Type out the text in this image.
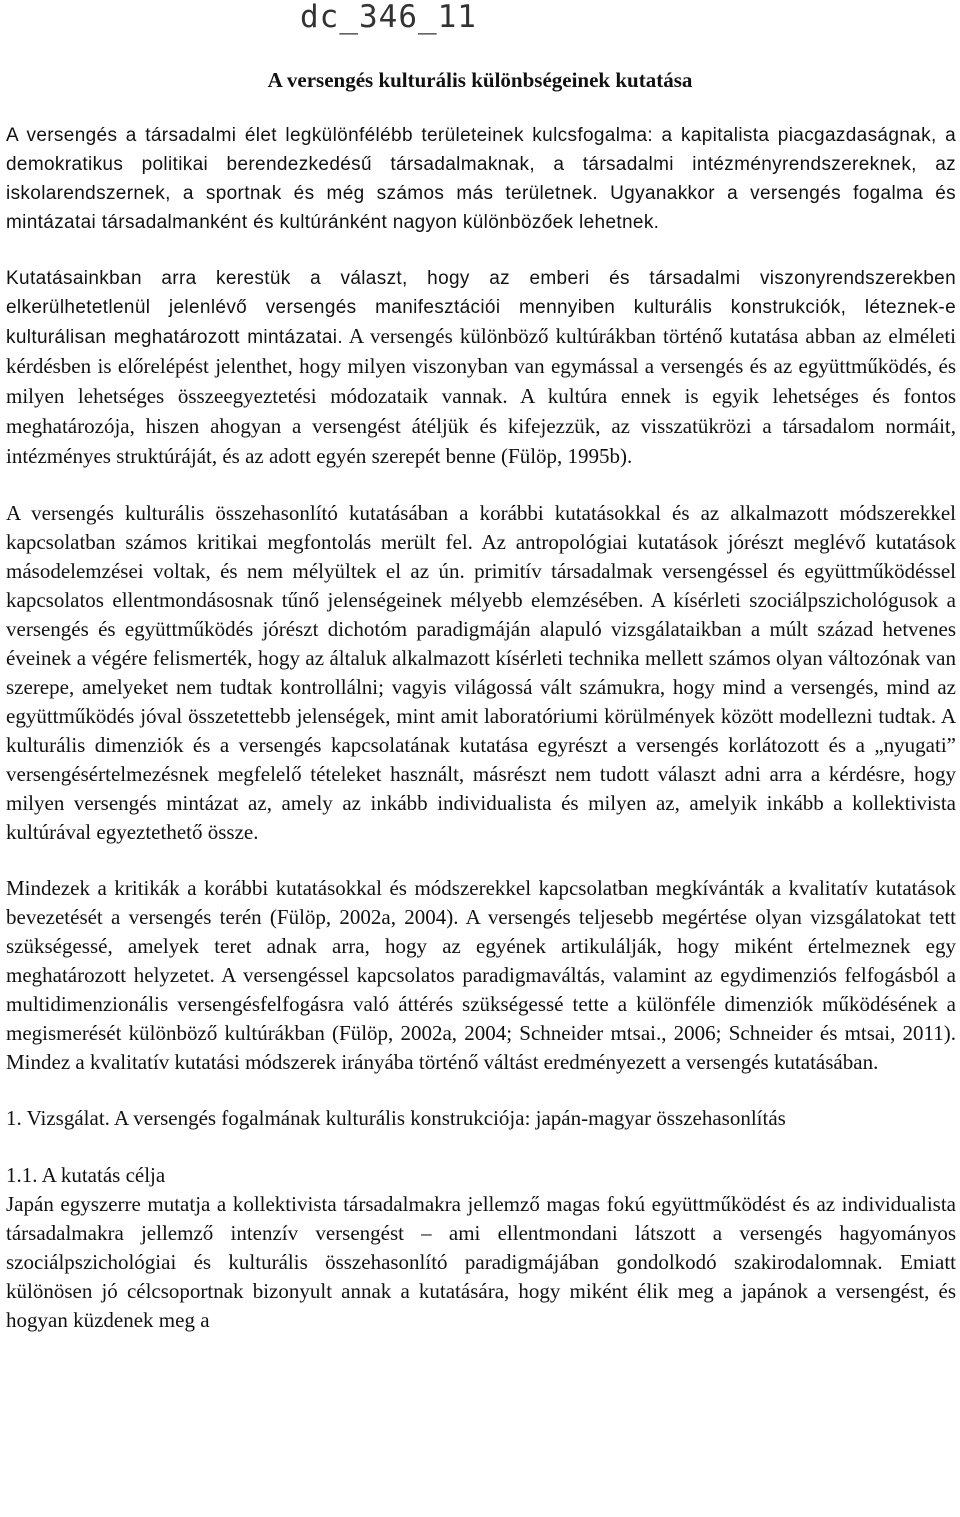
dc_346_11
A versengés kulturális különbségeinek kutatása

A versengés a társadalmi élet legkülönfélébb területeinek kulcsfogalma: a kapitalista piacgazdaságnak, a demokratikus politikai berendezkedésű társadalmaknak, a társadalmi intézményrendszereknek, az iskolarendszernek, a sportnak és még számos más területnek. Ugyanakkor a versengés fogalma és mintázatai társadalmanként és kultúránként nagyon különbözőek lehetnek.

Kutatásainkban arra kerestük a választ, hogy az emberi és társadalmi viszonyrendszerekben elkerülhetetlenül jelenlévő versengés manifesztációi mennyiben kulturális konstrukciók, léteznek-e kulturálisan meghatározott mintázatai. A versengés különböző kultúrákban történő kutatása abban az elméleti kérdésben is előrelépést jelenthet, hogy milyen viszonyban van egymással a versengés és az együttműködés, és milyen lehetséges összeegyeztetési módozataik vannak. A kultúra ennek is egyik lehetséges és fontos meghatározója, hiszen ahogyan a versengést átéljük és kifejezzük, az visszatükrözi a társadalom normáit, intézményes struktúráját, és az adott egyén szerepét benne (Fülöp, 1995b).

A versengés kulturális összehasonlító kutatásában a korábbi kutatásokkal és az alkalmazott módszerekkel kapcsolatban számos kritikai megfontolás merült fel. Az antropológiai kutatások jórészt meglévő kutatások másodelemzései voltak, és nem mélyültek el az ún. primitív társadalmak versengéssel és együttműködéssel kapcsolatos ellentmondásosnak tűnő jelenségeinek mélyebb elemzésében. A kísérleti szociálpszichológusok a versengés és együttműködés jórészt dichotóm paradigmáján alapuló vizsgálataikban a múlt század hetvenes éveinek a végére felismerték, hogy az általuk alkalmazott kísérleti technika mellett számos olyan változónak van szerepe, amelyeket nem tudtak kontrollálni; vagyis világossá vált számukra, hogy mind a versengés, mind az együttműködés jóval összetettebb jelenségek, mint amit laboratóriumi körülmények között modellezni tudtak. A kulturális dimenziók és a versengés kapcsolatának kutatása egyrészt a versengés korlátozott és a „nyugati” versengésértelmezésnek megfelelő tételeket használt, másrészt nem tudott választ adni arra a kérdésre, hogy milyen versengés mintázat az, amely az inkább individualista és milyen az, amelyik inkább a kollektivista kultúrával egyeztethető össze.

Mindezek a kritikák a korábbi kutatásokkal és módszerekkel kapcsolatban megkívánták a kvalitatív kutatások bevezetését a versengés terén (Fülöp, 2002a, 2004). A versengés teljesebb megértése olyan vizsgálatokat tett szükségessé, amelyek teret adnak arra, hogy az egyének artikulálják, hogy miként értelmeznek egy meghatározott helyzetet. A versengéssel kapcsolatos paradigmaváltás, valamint az egydimenziós felfogásból a multidimenzionális versengésfelfogásra való áttérés szükségessé tette a különféle dimenziók működésének a megismerését különböző kultúrákban (Fülöp, 2002a, 2004; Schneider mtsai., 2006; Schneider és mtsai, 2011). Mindez a kvalitatív kutatási módszerek irányába történő váltást eredményezett a versengés kutatásában.

1. Vizsgálat. A versengés fogalmának kulturális konstrukciója: japán-magyar összehasonlítás

1.1. A kutatás célja

Japán egyszerre mutatja a kollektivista társadalmakra jellemző magas fokú együttműködést és az individualista társadalmakra jellemző intenzív versengést – ami ellentmondani látszott a versengés hagyományos szociálpszichológiai és kulturális összehasonlító paradigmájában gondolkodó szakirodalomnak. Emiatt különösen jó célcsoportnak bizonyult annak a kutatására, hogy miként élik meg a japánok a versengést, és hogyan küzdenek meg a
